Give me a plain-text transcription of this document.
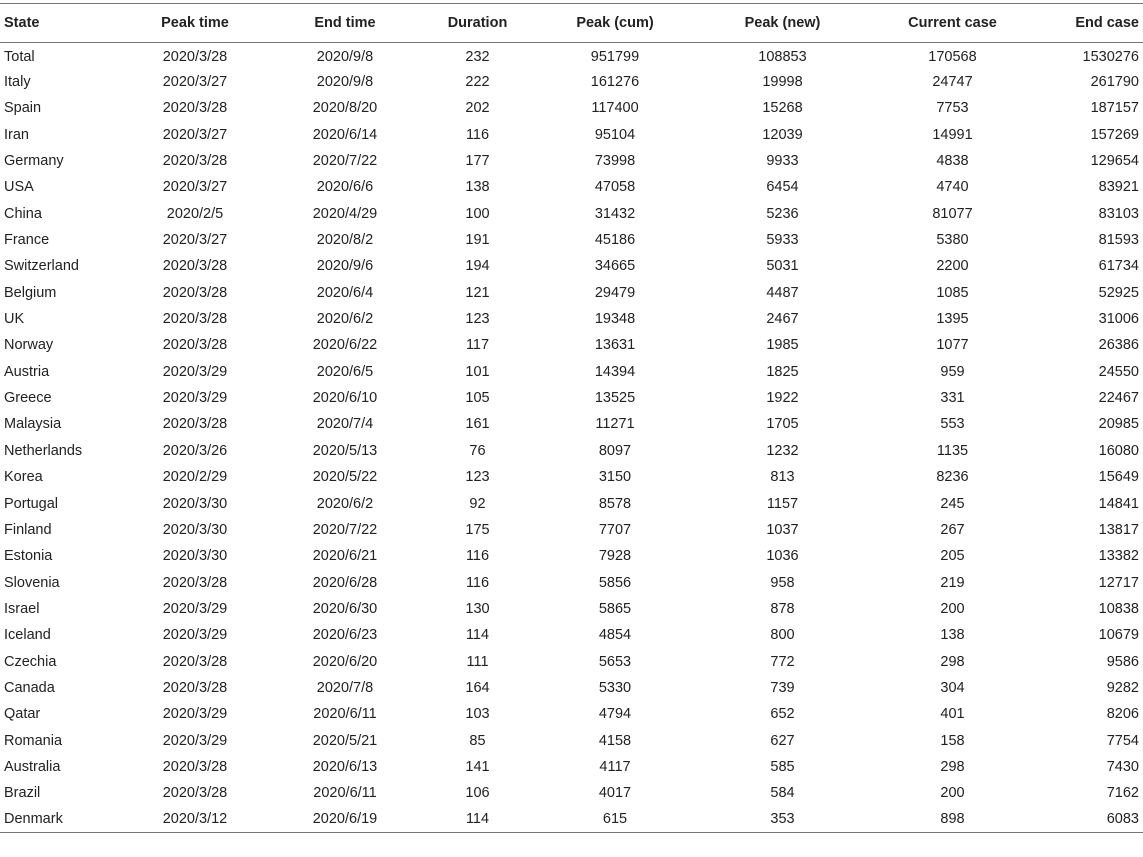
State	Peak time	End time	Duration	Peak (cum)	Peak (new)	Current case	End case
Total	2020/3/28	2020/9/8	232	951799	108853	170568	1530276
Italy	2020/3/27	2020/9/8	222	161276	19998	24747	261790
Spain	2020/3/28	2020/8/20	202	117400	15268	7753	187157
Iran	2020/3/27	2020/6/14	116	95104	12039	14991	157269
Germany	2020/3/28	2020/7/22	177	73998	9933	4838	129654
USA	2020/3/27	2020/6/6	138	47058	6454	4740	83921
China	2020/2/5	2020/4/29	100	31432	5236	81077	83103
France	2020/3/27	2020/8/2	191	45186	5933	5380	81593
Switzerland	2020/3/28	2020/9/6	194	34665	5031	2200	61734
Belgium	2020/3/28	2020/6/4	121	29479	4487	1085	52925
UK	2020/3/28	2020/6/2	123	19348	2467	1395	31006
Norway	2020/3/28	2020/6/22	117	13631	1985	1077	26386
Austria	2020/3/29	2020/6/5	101	14394	1825	959	24550
Greece	2020/3/29	2020/6/10	105	13525	1922	331	22467
Malaysia	2020/3/28	2020/7/4	161	11271	1705	553	20985
Netherlands	2020/3/26	2020/5/13	76	8097	1232	1135	16080
Korea	2020/2/29	2020/5/22	123	3150	813	8236	15649
Portugal	2020/3/30	2020/6/2	92	8578	1157	245	14841
Finland	2020/3/30	2020/7/22	175	7707	1037	267	13817
Estonia	2020/3/30	2020/6/21	116	7928	1036	205	13382
Slovenia	2020/3/28	2020/6/28	116	5856	958	219	12717
Israel	2020/3/29	2020/6/30	130	5865	878	200	10838
Iceland	2020/3/29	2020/6/23	114	4854	800	138	10679
Czechia	2020/3/28	2020/6/20	111	5653	772	298	9586
Canada	2020/3/28	2020/7/8	164	5330	739	304	9282
Qatar	2020/3/29	2020/6/11	103	4794	652	401	8206
Romania	2020/3/29	2020/5/21	85	4158	627	158	7754
Australia	2020/3/28	2020/6/13	141	4117	585	298	7430
Brazil	2020/3/28	2020/6/11	106	4017	584	200	7162
Denmark	2020/3/12	2020/6/19	114	615	353	898	6083
